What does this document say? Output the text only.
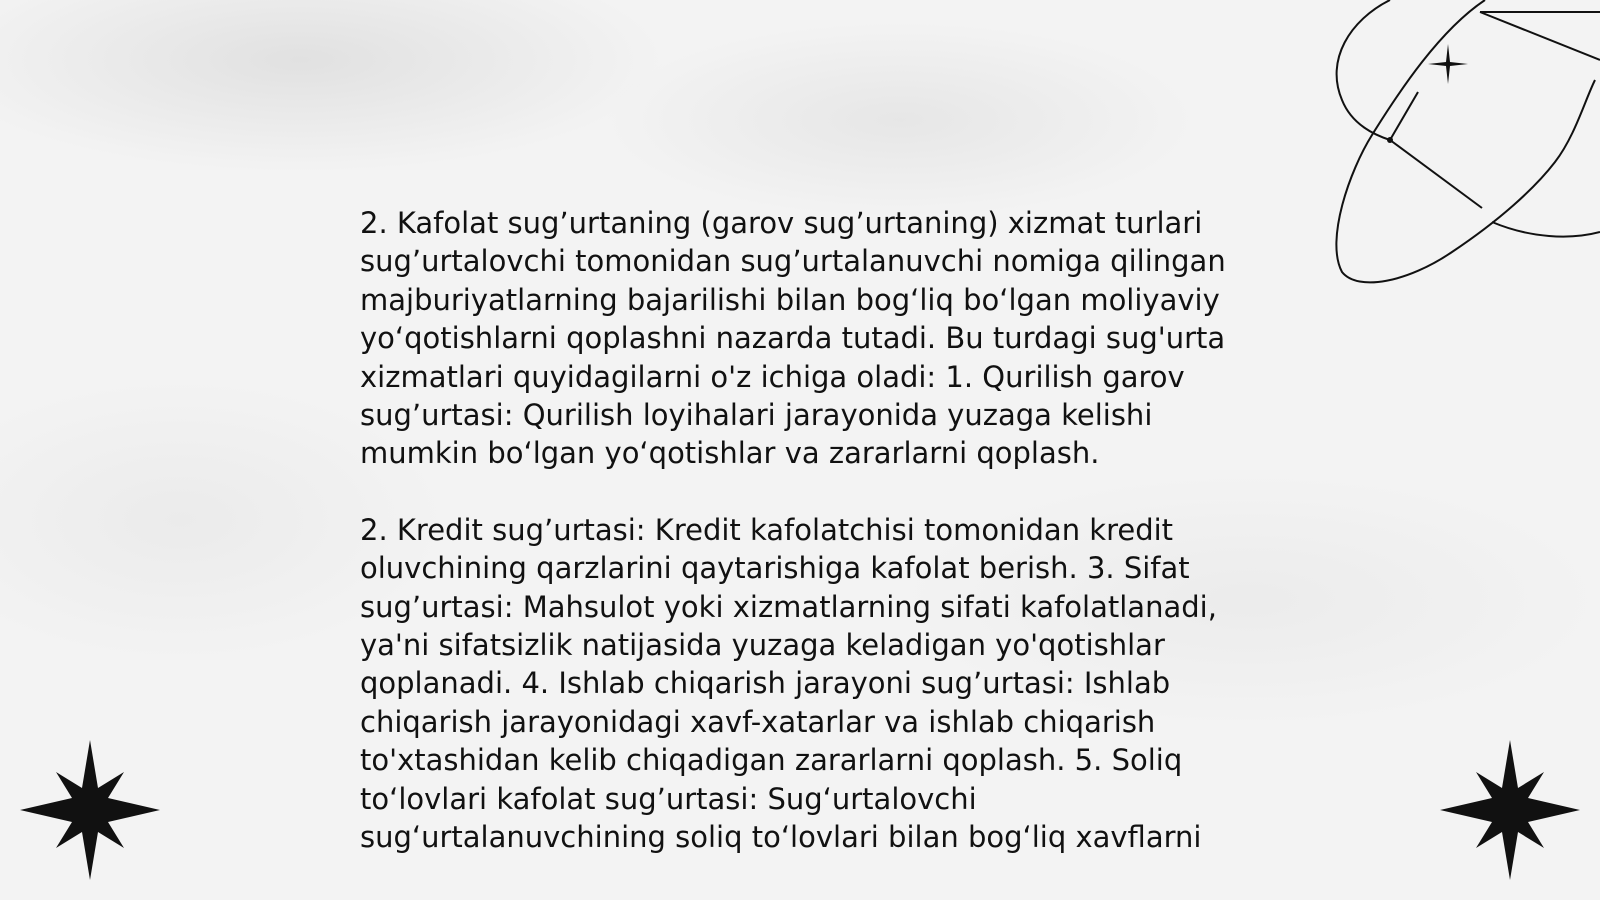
2. Kafolat sug’urtaning (garov sug’urtaning) xizmat turlari sug’urtalovchi tomonidan sug’urtalanuvchi nomiga qilingan majburiyatlarning bajarilishi bilan bog‘liq bo‘lgan moliyaviy yo‘qotishlarni qoplashni nazarda tutadi. Bu turdagi sug'urta xizmatlari quyidagilarni o'z ichiga oladi: 1. Qurilish garov sug’urtasi: Qurilish loyihalari jarayonida yuzaga kelishi mumkin bo‘lgan yo‘qotishlar va zararlarni qoplash.

2. Kredit sug’urtasi: Kredit kafolatchisi tomonidan kredit oluvchining qarzlarini qaytarishiga kafolat berish. 3. Sifat sug’urtasi: Mahsulot yoki xizmatlarning sifati kafolatlanadi, ya'ni sifatsizlik natijasida yuzaga keladigan yo'qotishlar qoplanadi. 4. Ishlab chiqarish jarayoni sug’urtasi: Ishlab chiqarish jarayonidagi xavf-xatarlar va ishlab chiqarish to'xtashidan kelib chiqadigan zararlarni qoplash. 5. Soliq to‘lovlari kafolat sug’urtasi: Sug‘urtalovchi sug‘urtalanuvchining soliq to‘lovlari bilan bog‘liq xavflarni
